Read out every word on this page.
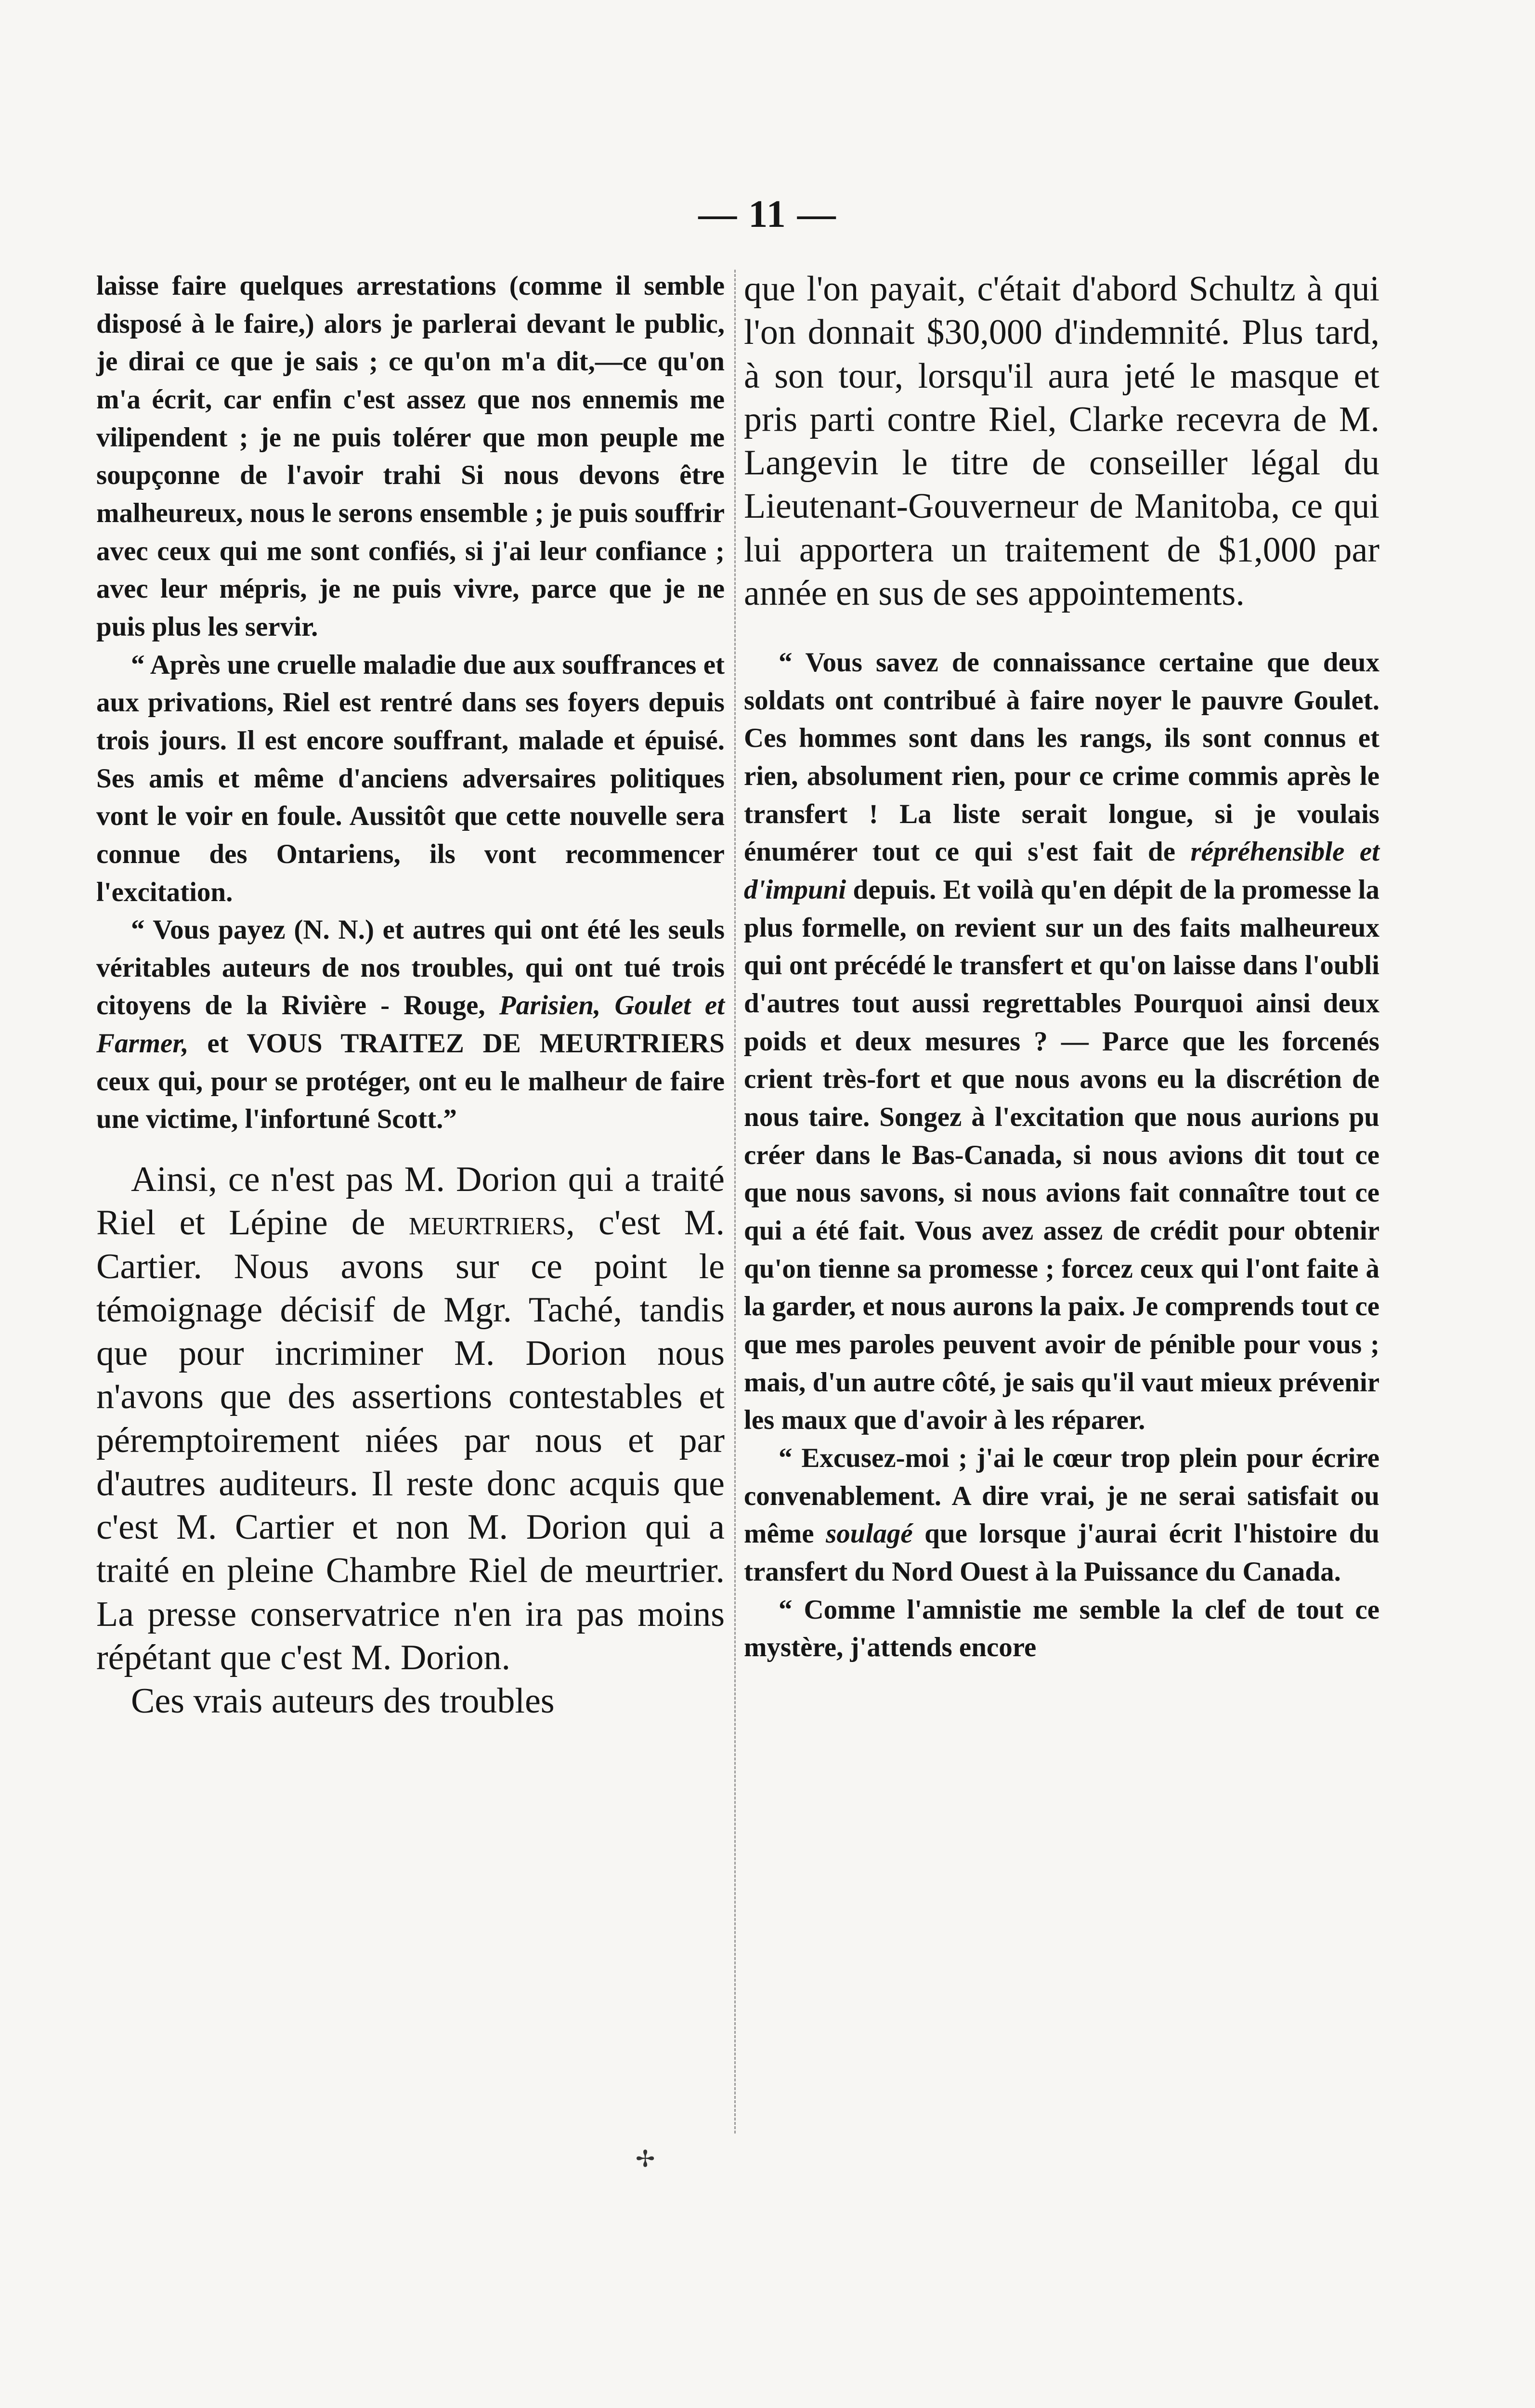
— 11 —

laisse faire quelques arrestations (comme il semble disposé à le faire,) alors je parlerai devant le public, je dirai ce que je sais ; ce qu'on m'a dit,—ce qu'on m'a écrit, car enfin c'est assez que nos ennemis me vilipendent ; je ne puis tolérer que mon peuple me soupçonne de l'avoir trahi Si nous devons être malheureux, nous le serons ensemble ; je puis souffrir avec ceux qui me sont confiés, si j'ai leur confiance ; avec leur mépris, je ne puis vivre, parce que je ne puis plus les servir.

“ Après une cruelle maladie due aux souffrances et aux privations, Riel est rentré dans ses foyers depuis trois jours. Il est encore souffrant, malade et épuisé. Ses amis et même d'anciens adversaires politiques vont le voir en foule. Aussitôt que cette nouvelle sera connue des Ontariens, ils vont recommencer l'excitation.

“ Vous payez (N. N.) et autres qui ont été les seuls véritables auteurs de nos troubles, qui ont tué trois citoyens de la Rivière - Rouge, Parisien, Goulet et Farmer, et VOUS TRAITEZ DE MEURTRIERS ceux qui, pour se protéger, ont eu le malheur de faire une victime, l'infortuné Scott.”

Ainsi, ce n'est pas M. Dorion qui a traité Riel et Lépine de meurtriers, c'est M. Cartier. Nous avons sur ce point le témoignage décisif de Mgr. Taché, tandis que pour incriminer M. Dorion nous n'avons que des assertions contestables et péremptoirement niées par nous et par d'autres auditeurs. Il reste donc acquis que c'est M. Cartier et non M. Dorion qui a traité en pleine Chambre Riel de meurtrier. La presse conservatrice n'en ira pas moins répétant que c'est M. Dorion.

Ces vrais auteurs des troubles

que l'on payait, c'était d'abord Schultz à qui l'on donnait $30,000 d'indemnité. Plus tard, à son tour, lorsqu'il aura jeté le masque et pris parti contre Riel, Clarke recevra de M. Langevin le titre de conseiller légal du Lieutenant-Gouverneur de Manitoba, ce qui lui apportera un traitement de $1,000 par année en sus de ses appointements.

“ Vous savez de connaissance certaine que deux soldats ont contribué à faire noyer le pauvre Goulet. Ces hommes sont dans les rangs, ils sont connus et rien, absolument rien, pour ce crime commis après le transfert ! La liste serait longue, si je voulais énumérer tout ce qui s'est fait de répréhensible et d'impuni depuis. Et voilà qu'en dépit de la promesse la plus formelle, on revient sur un des faits malheureux qui ont précédé le transfert et qu'on laisse dans l'oubli d'autres tout aussi regrettables Pourquoi ainsi deux poids et deux mesures ? — Parce que les forcenés crient très-fort et que nous avons eu la discrétion de nous taire. Songez à l'excitation que nous aurions pu créer dans le Bas-Canada, si nous avions dit tout ce que nous savons, si nous avions fait connaître tout ce qui a été fait. Vous avez assez de crédit pour obtenir qu'on tienne sa promesse ; forcez ceux qui l'ont faite à la garder, et nous aurons la paix. Je comprends tout ce que mes paroles peuvent avoir de pénible pour vous ; mais, d'un autre côté, je sais qu'il vaut mieux prévenir les maux que d'avoir à les réparer.

“ Excusez-moi ; j'ai le cœur trop plein pour écrire convenablement. A dire vrai, je ne serai satisfait ou même soulagé que lorsque j'aurai écrit l'histoire du transfert du Nord Ouest à la Puissance du Canada.

“ Comme l'amnistie me semble la clef de tout ce mystère, j'attends encore

✢
